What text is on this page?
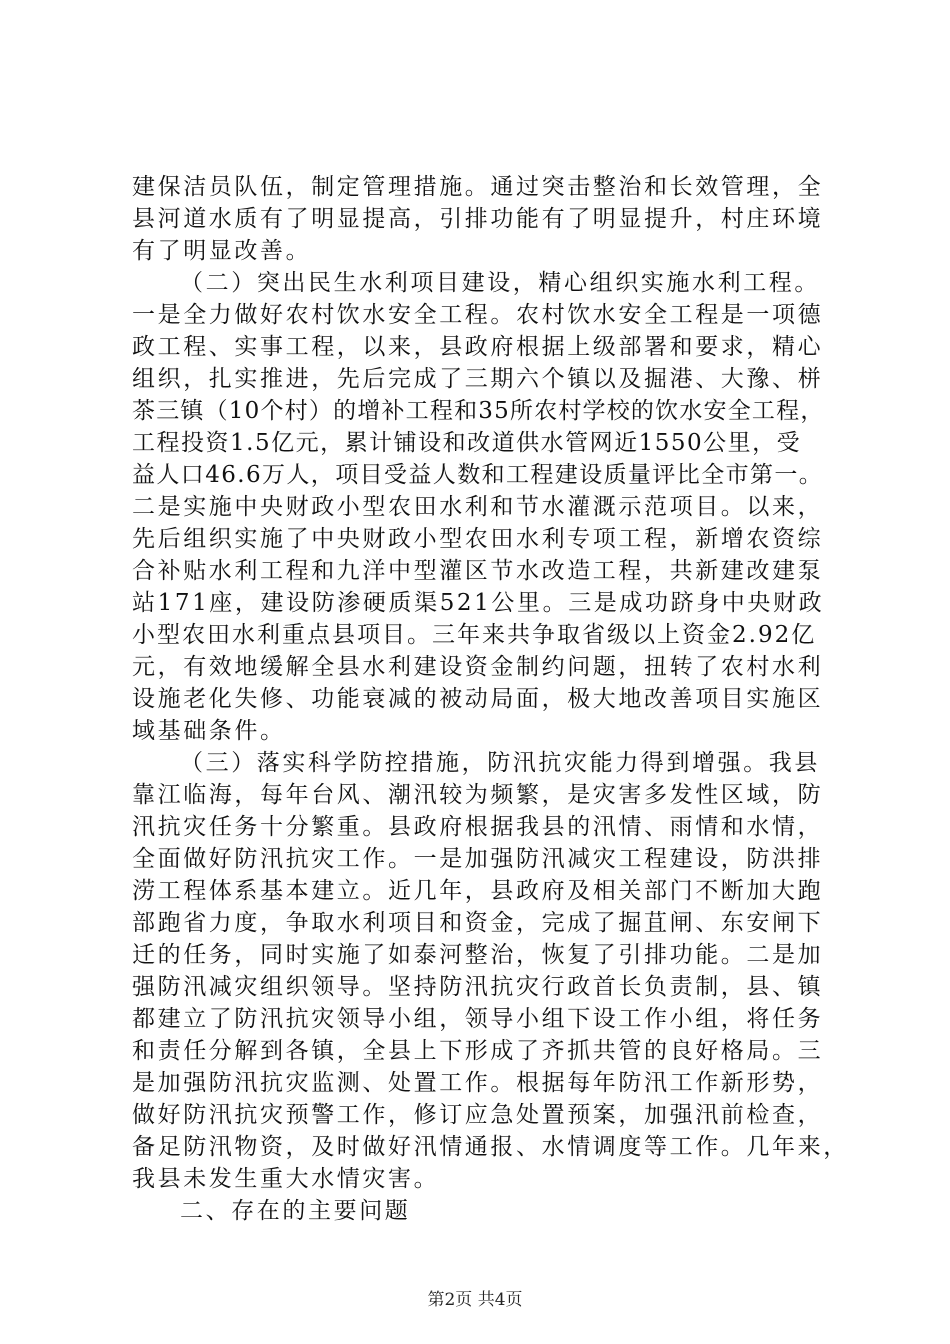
建保洁员队伍，制定管理措施。通过突击整治和长效管理，全
县河道水质有了明显提高，引排功能有了明显提升，村庄环境
有了明显改善。
（二）突出民生水利项目建设，精心组织实施水利工程。
一是全力做好农村饮水安全工程。农村饮水安全工程是一项德
政工程、实事工程，以来，县政府根据上级部署和要求，精心
组织，扎实推进，先后完成了三期六个镇以及掘港、大豫、栟
茶三镇（10个村）的增补工程和35所农村学校的饮水安全工程，
工程投资1.5亿元，累计铺设和改道供水管网近1550公里，受
益人口46.6万人，项目受益人数和工程建设质量评比全市第一。
二是实施中央财政小型农田水利和节水灌溉示范项目。以来，
先后组织实施了中央财政小型农田水利专项工程，新增农资综
合补贴水利工程和九洋中型灌区节水改造工程，共新建改建泵
站171座，建设防渗硬质渠521公里。三是成功跻身中央财政
小型农田水利重点县项目。三年来共争取省级以上资金2.92亿
元，有效地缓解全县水利建设资金制约问题，扭转了农村水利
设施老化失修、功能衰减的被动局面，极大地改善项目实施区
域基础条件。
（三）落实科学防控措施，防汛抗灾能力得到增强。我县
靠江临海，每年台风、潮汛较为频繁，是灾害多发性区域，防
汛抗灾任务十分繁重。县政府根据我县的汛情、雨情和水情，
全面做好防汛抗灾工作。一是加强防汛减灾工程建设，防洪排
涝工程体系基本建立。近几年，县政府及相关部门不断加大跑
部跑省力度，争取水利项目和资金，完成了掘苴闸、东安闸下
迁的任务，同时实施了如泰河整治，恢复了引排功能。二是加
强防汛减灾组织领导。坚持防汛抗灾行政首长负责制，县、镇
都建立了防汛抗灾领导小组，领导小组下设工作小组，将任务
和责任分解到各镇，全县上下形成了齐抓共管的良好格局。三
是加强防汛抗灾监测、处置工作。根据每年防汛工作新形势，
做好防汛抗灾预警工作，修订应急处置预案，加强汛前检查，
备足防汛物资，及时做好汛情通报、水情调度等工作。几年来，
我县未发生重大水情灾害。
二、存在的主要问题
第2页 共4页
